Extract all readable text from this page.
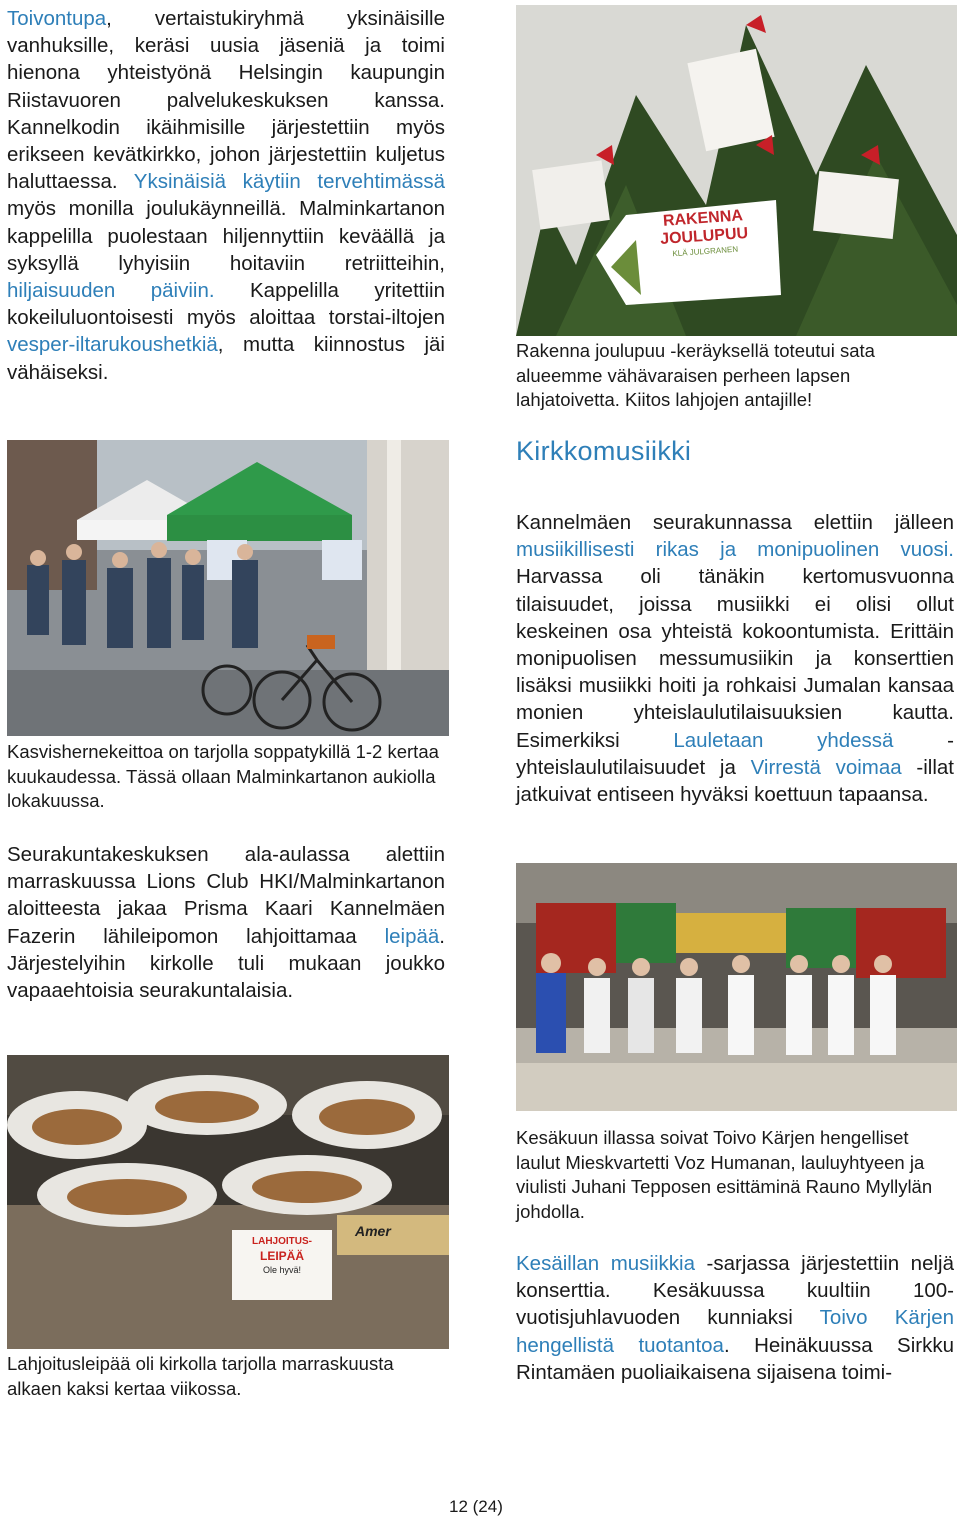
Toivontupa, vertaistukiryhmä yksinäisille vanhuksille, keräsi uusia jäseniä ja toimi hienona yhteistyönä Helsingin kaupungin Riistavuoren palvelukeskuksen kanssa. Kannelkodin ikäihmisille järjestettiin myös erikseen kevätkirkko, johon järjestettiin kuljetus haluttaessa. Yksinäisiä käytiin tervehtimässä myös monilla joulukäynneillä. Malminkartanon kappelilla puolestaan hiljennyttiin keväällä ja syksyllä lyhyisiin hoitaviin retriitteihin, hiljaisuuden päiviin. Kappelilla yritettiin kokeiluluontoisesti myös aloittaa torstai-iltojen vesper-iltarukoushetkiä, mutta kiinnostus jäi vähäiseksi.

Kasvishernekeittoa on tarjolla soppatykillä 1-2 kertaa kuukaudessa. Tässä ollaan Malminkartanon aukiolla lokakuussa.

Seurakuntakeskuksen ala-aulassa alettiin marraskuussa Lions Club HKI/Malminkartanon aloitteesta jakaa Prisma Kaari Kannelmäen Fazerin lähileipomon lahjoittamaa leipää. Järjestelyihin kirkolle tuli mukaan joukko vapaaehtoisia seurakuntalaisia.

LAHJOITUS-
LEIPÄÄ
Ole hyvä!
Amer
Lahjoitusleipää oli kirkolla tarjolla marraskuusta alkaen kaksi kertaa viikossa.
RAKENNA
JOULUPUU
KLÄ JULGRANEN
Rakenna joulupuu -keräyksellä toteutui sata alueemme vähävaraisen perheen lapsen lahjatoivetta. Kiitos lahjojen antajille!
Kirkkomusiikki

Kannelmäen seurakunnassa elettiin jälleen musiikillisesti rikas ja monipuolinen vuosi. Harvassa oli tänäkin kertomusvuonna tilaisuudet, joissa musiikki ei olisi ollut keskeinen osa yhteistä kokoontumista. Erittäin monipuolisen messumusiikin ja konserttien lisäksi musiikki hoiti ja rohkaisi Jumalan kansaa monien yhteislaulutilaisuuksien kautta. Esimerkiksi Lauletaan yhdessä -yhteislaulutilaisuudet ja Virrestä voimaa -illat jatkuivat entiseen hyväksi koettuun tapaansa.

Kesäkuun illassa soivat Toivo Kärjen hengelliset laulut Mieskvartetti Voz Humanan, lauluyhtyeen ja viulisti Juhani Tepposen esittäminä Rauno Myllylän johdolla.

Kesäillan musiikkia -sarjassa järjestettiin neljä konserttia. Kesäkuussa kuultiin 100-vuotisjuhlavuoden kunniaksi Toivo Kärjen hengellistä tuotantoa. Heinäkuussa Sirkku Rintamäen puoliaikaisena sijaisena toimi-

12 (24)
